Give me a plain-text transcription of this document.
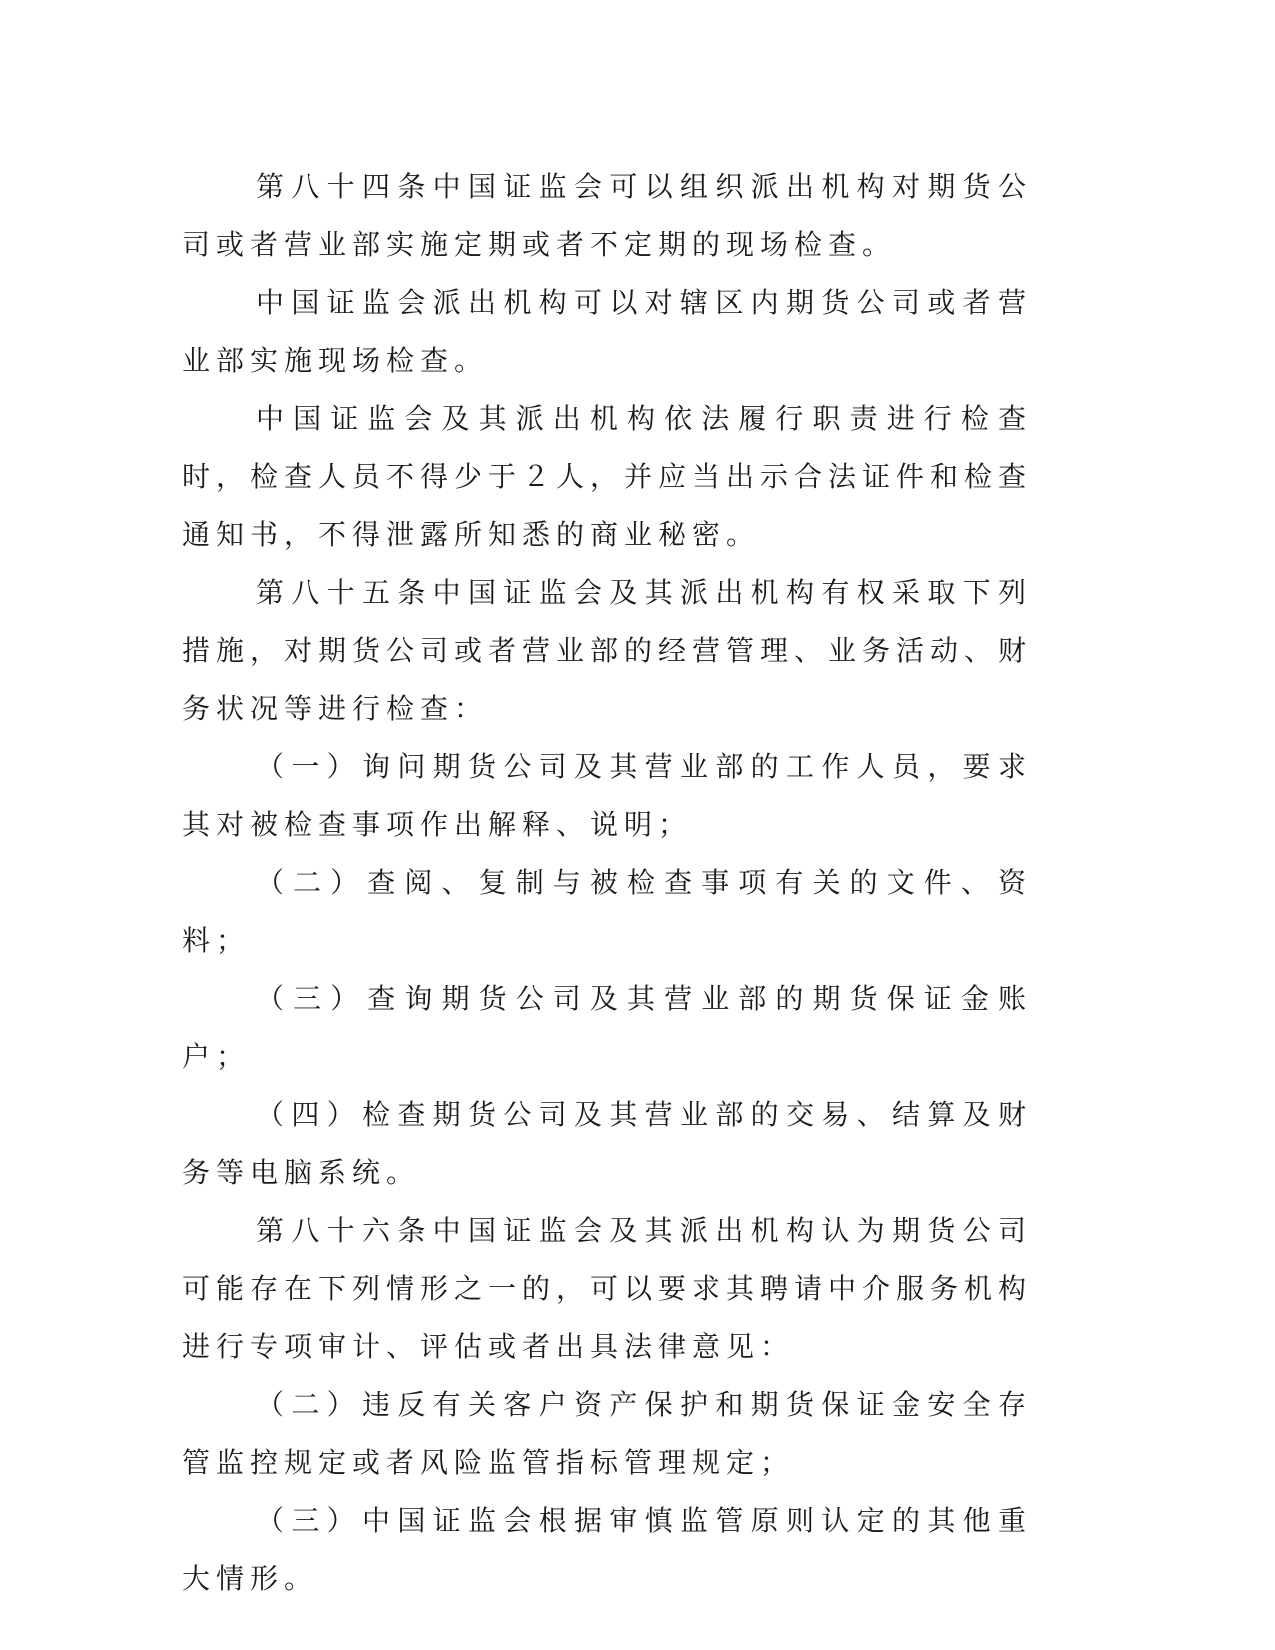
第八十四条中国证监会可以组织派出机构对期货公司或者营业部实施定期或者不定期的现场检查。

中国证监会派出机构可以对辖区内期货公司或者营业部实施现场检查。

中国证监会及其派出机构依法履行职责进行检查时，检查人员不得少于２人，并应当出示合法证件和检查通知书，不得泄露所知悉的商业秘密。

第八十五条中国证监会及其派出机构有权采取下列措施，对期货公司或者营业部的经营管理、业务活动、财务状况等进行检查：

（一）询问期货公司及其营业部的工作人员，要求其对被检查事项作出解释、说明；

（二）查阅、复制与被检查事项有关的文件、资料；

（三）查询期货公司及其营业部的期货保证金账户；

（四）检查期货公司及其营业部的交易、结算及财务等电脑系统。

第八十六条中国证监会及其派出机构认为期货公司可能存在下列情形之一的，可以要求其聘请中介服务机构进行专项审计、评估或者出具法律意见：

（二）违反有关客户资产保护和期货保证金安全存管监控规定或者风险监管指标管理规定；

（三）中国证监会根据审慎监管原则认定的其他重大情形。
